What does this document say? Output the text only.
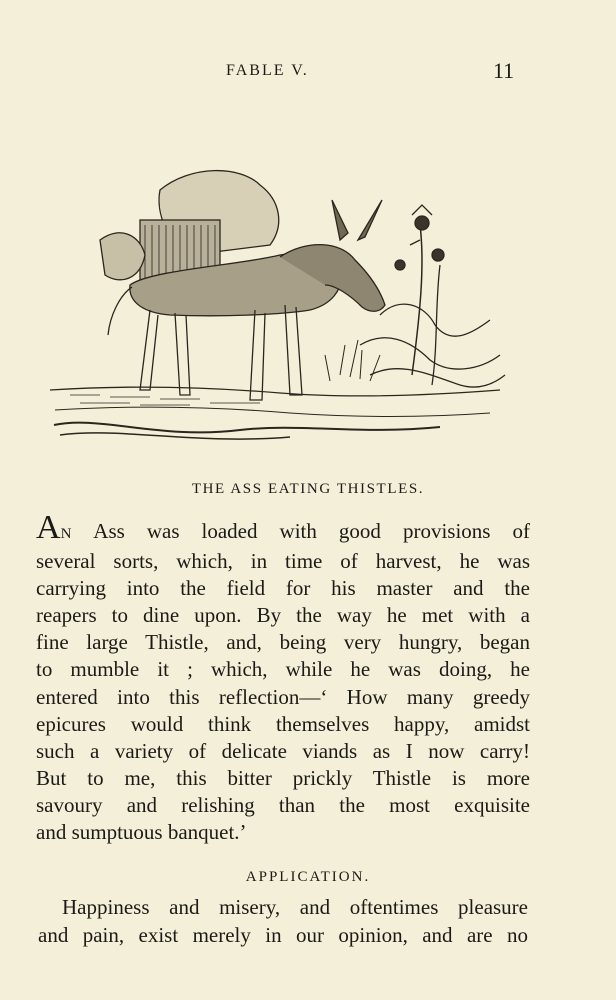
FABLE V.	11
THE ASS EATING THISTLES.
AN Ass was loaded with good provisions of
several sorts, which, in time of harvest, he was
carrying into the field for his master and the
reapers to dine upon. By the way he met with a
fine large Thistle, and, being very hungry, began
to mumble it ; which, while he was doing, he
entered into this reflection—‘ How many greedy
epicures would think themselves happy, amidst
such a variety of delicate viands as I now carry!
But to me, this bitter prickly Thistle is more
savoury and relishing than the most exquisite
and sumptuous banquet.’
APPLICATION.
Happiness and misery, and oftentimes pleasure
and pain, exist merely in our opinion, and are no
